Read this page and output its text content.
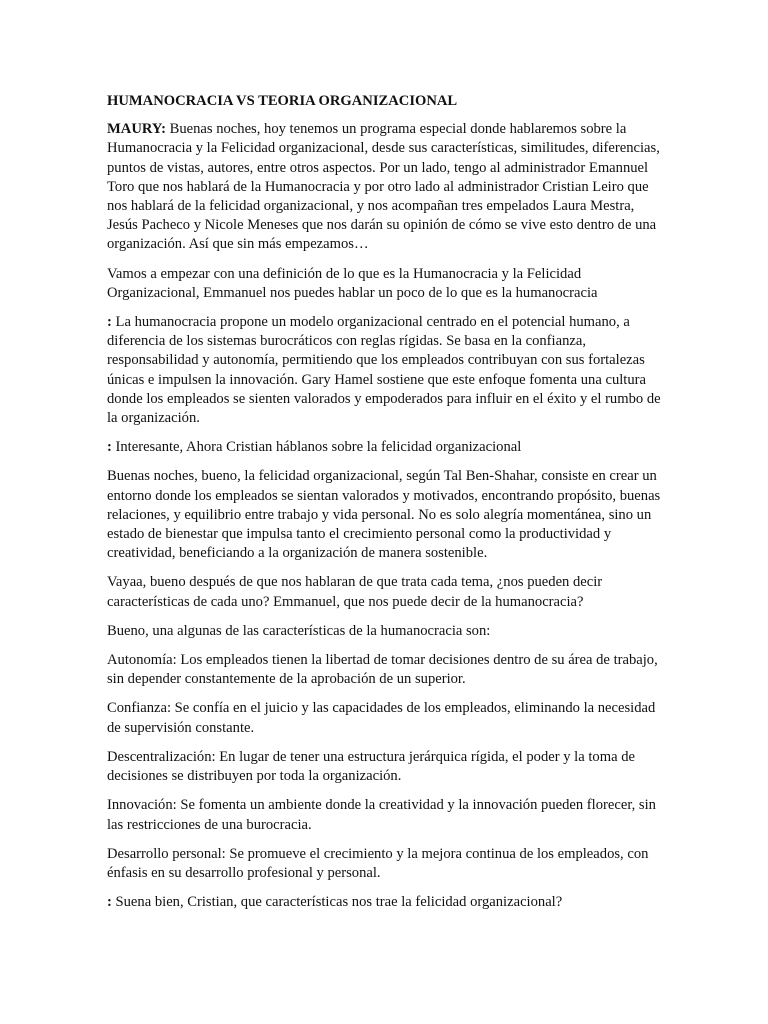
HUMANOCRACIA VS TEORIA ORGANIZACIONAL

MAURY: Buenas noches, hoy tenemos un programa especial donde hablaremos sobre la Humanocracia y la Felicidad organizacional, desde sus características, similitudes, diferencias, puntos de vistas, autores, entre otros aspectos. Por un lado, tengo al administrador Emannuel Toro que nos hablará de la Humanocracia y por otro lado al administrador Cristian Leiro que nos hablará de la felicidad organizacional, y nos acompañan tres empelados Laura Mestra, Jesús Pacheco y Nicole Meneses que nos darán su opinión de cómo se vive esto dentro de una organización. Así que sin más empezamos…

Vamos a empezar con una definición de lo que es la Humanocracia y la Felicidad Organizacional, Emmanuel nos puedes hablar un poco de lo que es la humanocracia

: La humanocracia propone un modelo organizacional centrado en el potencial humano, a diferencia de los sistemas burocráticos con reglas rígidas. Se basa en la confianza, responsabilidad y autonomía, permitiendo que los empleados contribuyan con sus fortalezas únicas e impulsen la innovación. Gary Hamel sostiene que este enfoque fomenta una cultura donde los empleados se sienten valorados y empoderados para influir en el éxito y el rumbo de la organización.

: Interesante, Ahora Cristian háblanos sobre la felicidad organizacional

Buenas noches, bueno, la felicidad organizacional, según Tal Ben-Shahar, consiste en crear un entorno donde los empleados se sientan valorados y motivados, encontrando propósito, buenas relaciones, y equilibrio entre trabajo y vida personal. No es solo alegría momentánea, sino un estado de bienestar que impulsa tanto el crecimiento personal como la productividad y creatividad, beneficiando a la organización de manera sostenible.

Vayaa, bueno después de que nos hablaran de que trata cada tema, ¿nos pueden decir características de cada uno? Emmanuel, que nos puede decir de la humanocracia?

Bueno, una algunas de las características de la humanocracia son:

Autonomía: Los empleados tienen la libertad de tomar decisiones dentro de su área de trabajo, sin depender constantemente de la aprobación de un superior.

Confianza: Se confía en el juicio y las capacidades de los empleados, eliminando la necesidad de supervisión constante.

Descentralización: En lugar de tener una estructura jerárquica rígida, el poder y la toma de decisiones se distribuyen por toda la organización.

Innovación: Se fomenta un ambiente donde la creatividad y la innovación pueden florecer, sin las restricciones de una burocracia.

Desarrollo personal: Se promueve el crecimiento y la mejora continua de los empleados, con énfasis en su desarrollo profesional y personal.

: Suena bien, Cristian, que características nos trae la felicidad organizacional?
